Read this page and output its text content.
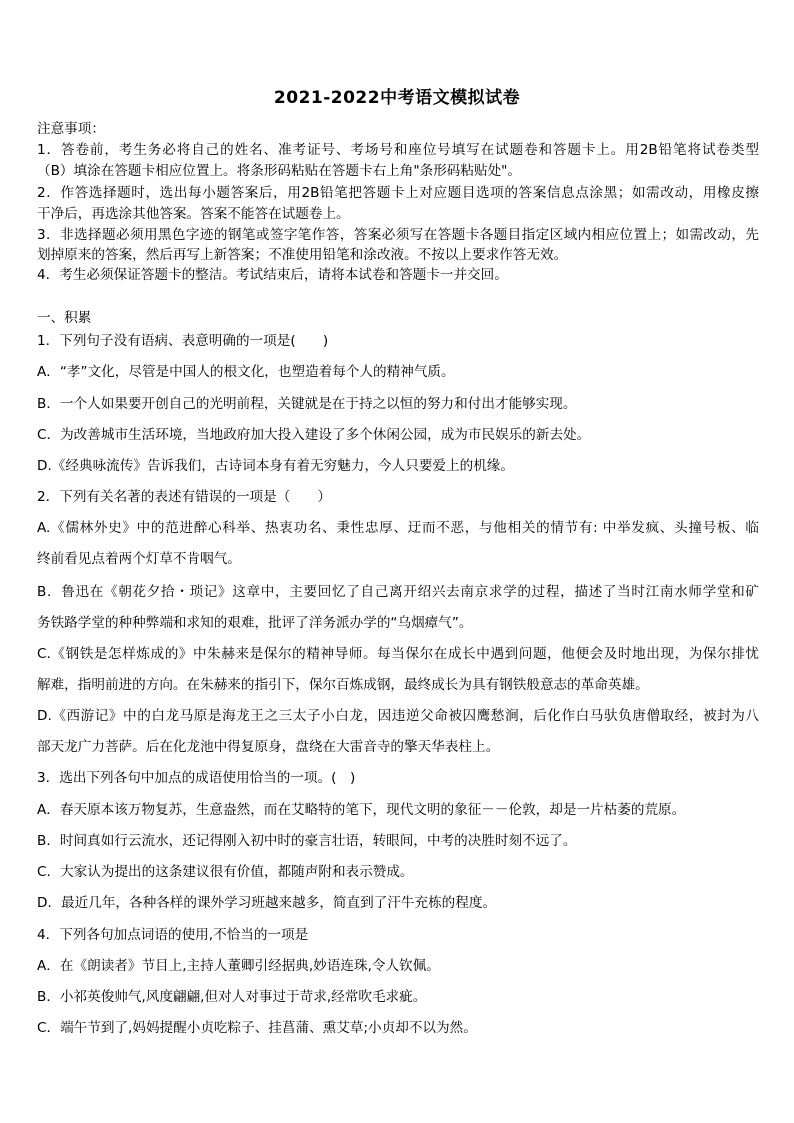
2021-2022中考语文模拟试卷
注意事项：
1．答卷前，考生务必将自己的姓名、准考证号、考场号和座位号填写在试题卷和答题卡上。用2B铅笔将试卷类型
（B）填涂在答题卡相应位置上。将条形码粘贴在答题卡右上角"条形码粘贴处"。
2．作答选择题时，选出每小题答案后，用2B铅笔把答题卡上对应题目选项的答案信息点涂黑；如需改动，用橡皮擦
干净后，再选涂其他答案。答案不能答在试题卷上。
3．非选择题必须用黑色字迹的钢笔或签字笔作答，答案必须写在答题卡各题目指定区域内相应位置上；如需改动，先
划掉原来的答案，然后再写上新答案；不准使用铅笔和涂改液。不按以上要求作答无效。
4．考生必须保证答题卡的整洁。考试结束后，请将本试卷和答题卡一并交回。
一、积累
1．下列句子没有语病、表意明确的一项是(　　)
A．“孝”文化，尽管是中国人的根文化，也塑造着每个人的精神气质。
B．一个人如果要开创自己的光明前程，关键就是在于持之以恒的努力和付出才能够实现。
C．为改善城市生活环境，当地政府加大投入建设了多个休闲公园，成为市民娱乐的新去处。
D.《经典咏流传》告诉我们，古诗词本身有着无穷魅力，今人只要爱上的机缘。
2．下列有关名著的表述有错误的一项是（　　）
A.《儒林外史》中的范进醉心科举、热衷功名、秉性忠厚、迂而不恶，与他相关的情节有: 中举发疯、头撞号板、临
终前看见点着两个灯草不肯咽气。
B．鲁迅在《朝花夕拾・琐记》这章中，主要回忆了自己离开绍兴去南京求学的过程，描述了当时江南水师学堂和矿
务铁路学堂的种种弊端和求知的艰难，批评了洋务派办学的“乌烟瘴气”。
C.《钢铁是怎样炼成的》中朱赫来是保尔的精神导师。每当保尔在成长中遇到问题，他便会及时地出现，为保尔排忧
解难，指明前进的方向。在朱赫来的指引下，保尔百炼成钢，最终成长为具有钢铁般意志的革命英雄。
D.《西游记》中的白龙马原是海龙王之三太子小白龙，因违逆父命被囚鹰愁涧，后化作白马驮负唐僧取经，被封为八
部天龙广力菩萨。后在化龙池中得复原身，盘绕在大雷音寺的擎天华表柱上。
3．选出下列各句中加点的成语使用恰当的一项。(　)
A．春天原本该万物复苏，生意盎然，而在艾略特的笔下，现代文明的象征－－伦敦，却是一片枯萎的荒原。
B．时间真如行云流水，还记得刚入初中时的豪言壮语，转眼间，中考的决胜时刻不远了。
C．大家认为提出的这条建议很有价值，都随声附和表示赞成。
D．最近几年，各种各样的课外学习班越来越多，简直到了汗牛充栋的程度。
4．下列各句加点词语的使用,不恰当的一项是
A．在《朗读者》节目上,主持人董卿引经据典,妙语连珠,令人钦佩。
B．小祁英俊帅气,风度翩翩,但对人对事过于苛求,经常吹毛求疵。
C．端午节到了,妈妈提醒小贞吃粽子、挂菖蒲、熏艾草;小贞却不以为然。
